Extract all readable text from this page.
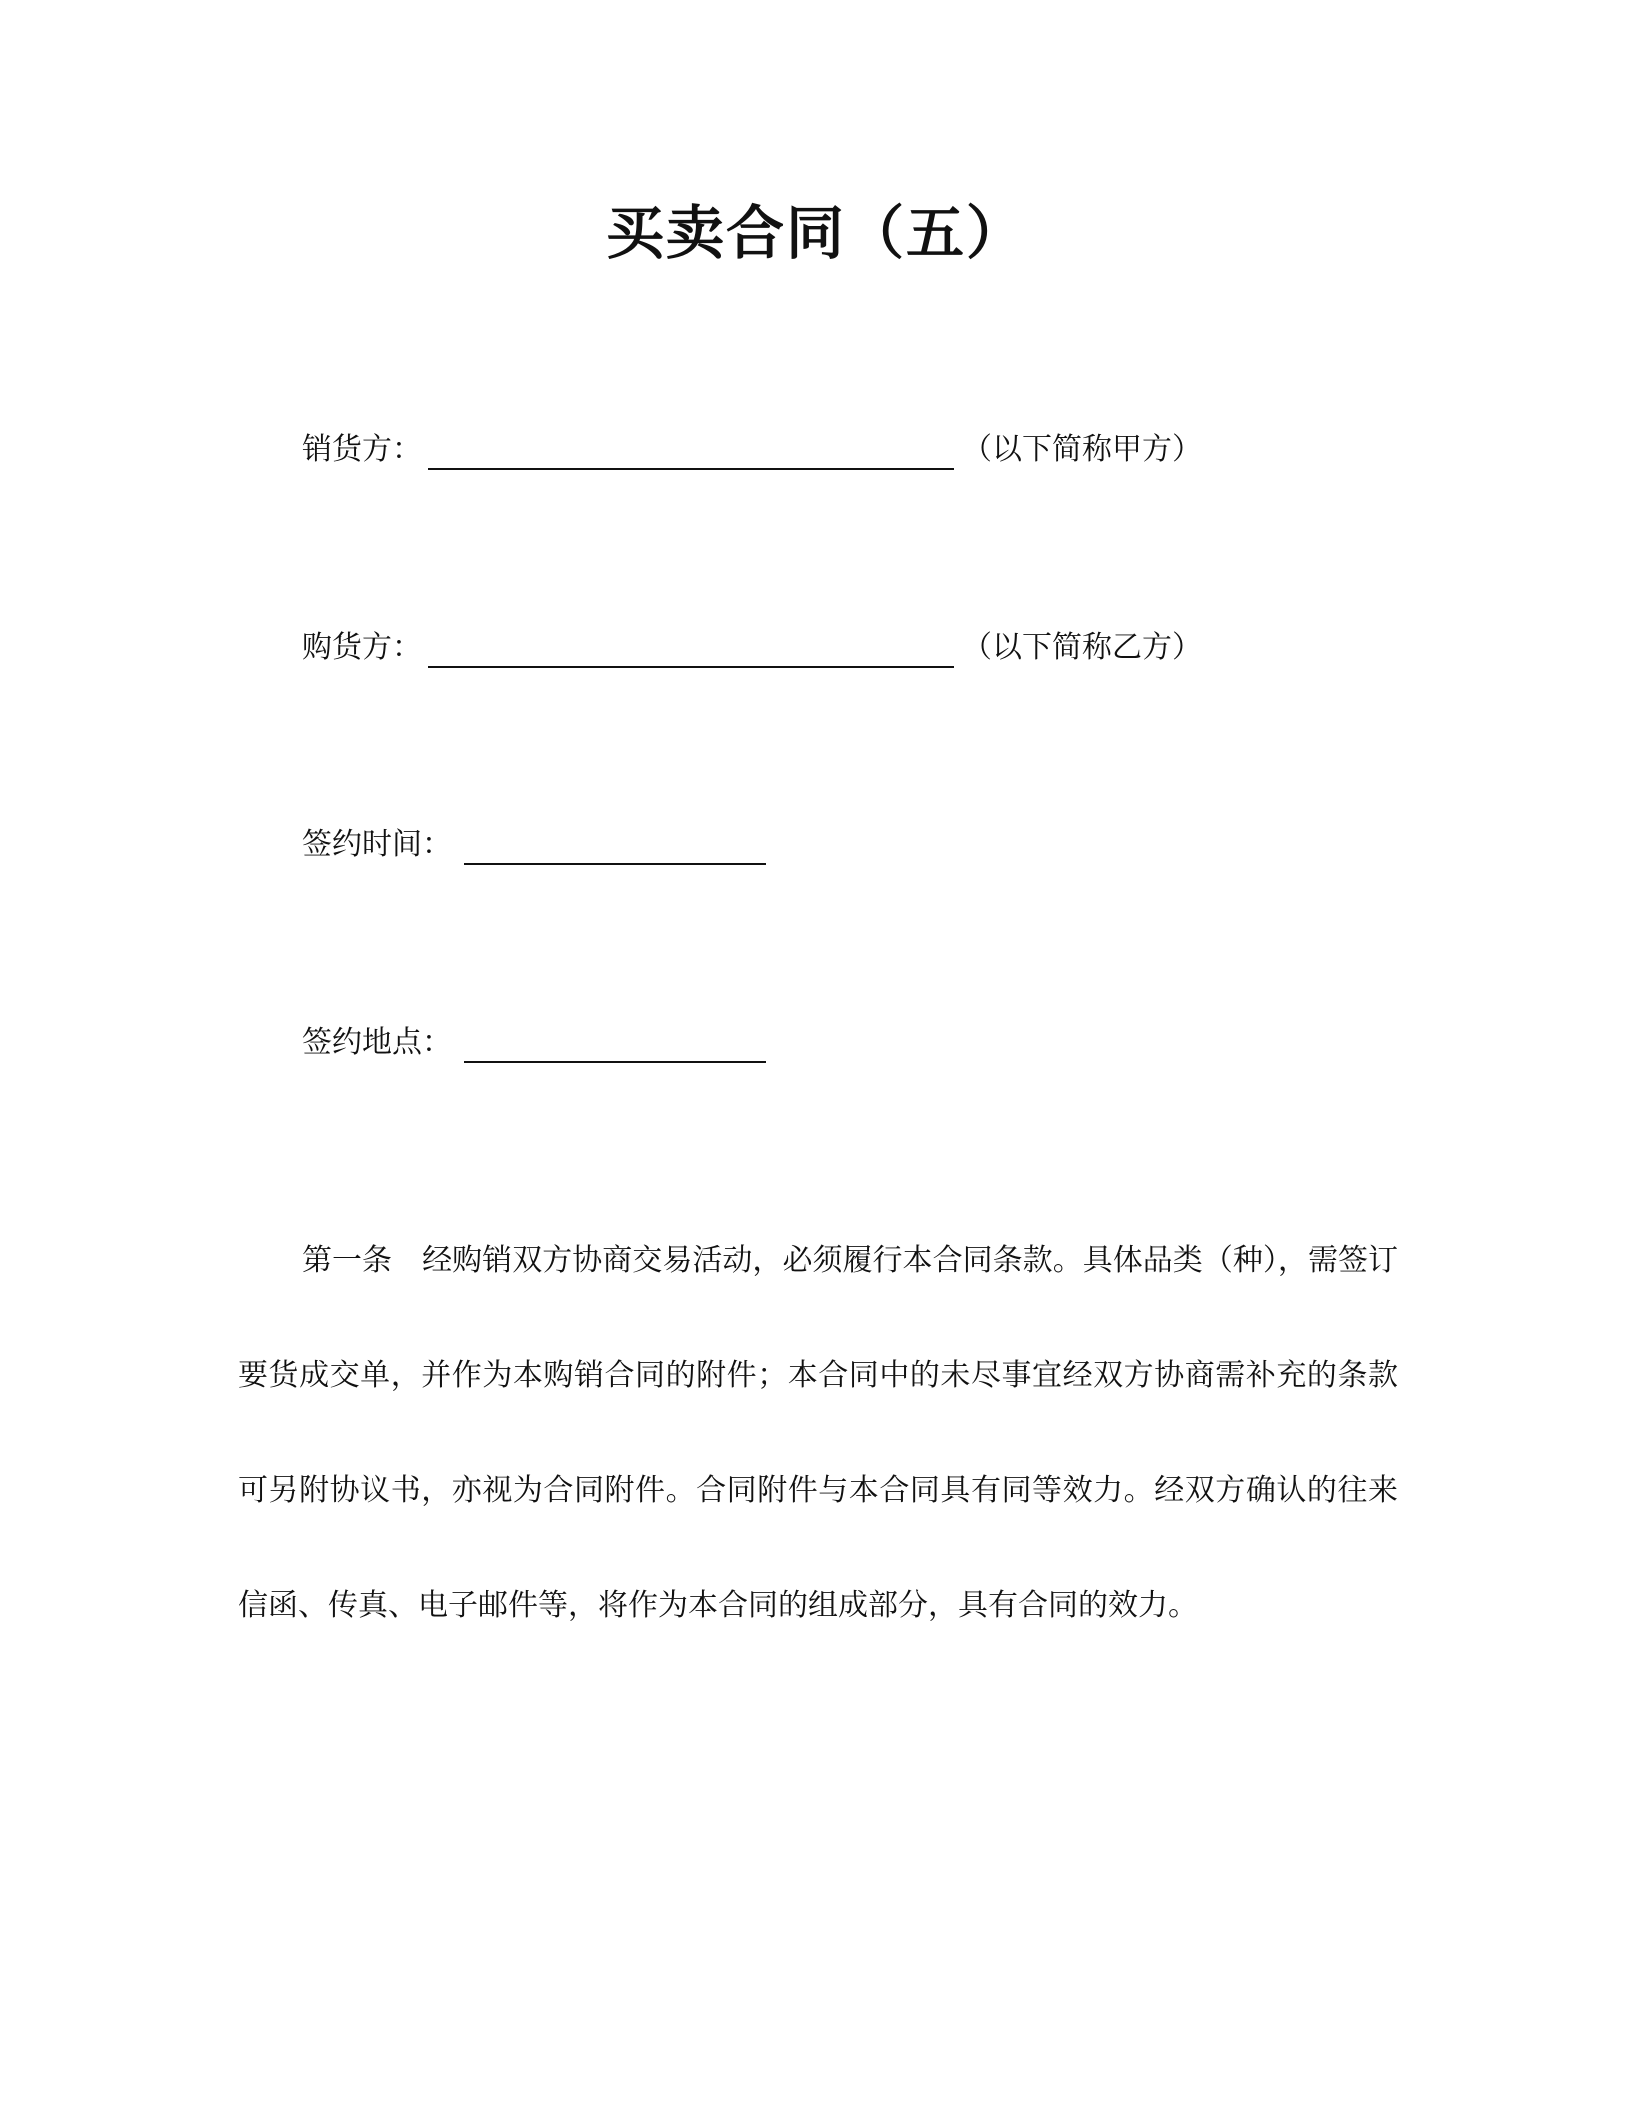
买卖合同（五）
销货方：	（以下简称甲方）
购货方：	（以下简称乙方）
签约时间：
签约地点：

第一条　经购销双方协商交易活动，必须履行本合同条款。具体品类（种），需签订要货成交单，并作为本购销合同的附件；本合同中的未尽事宜经双方协商需补充的条款可另附协议书，亦视为合同附件。合同附件与本合同具有同等效力。经双方确认的往来信函、传真、电子邮件等，将作为本合同的组成部分，具有合同的效力。
